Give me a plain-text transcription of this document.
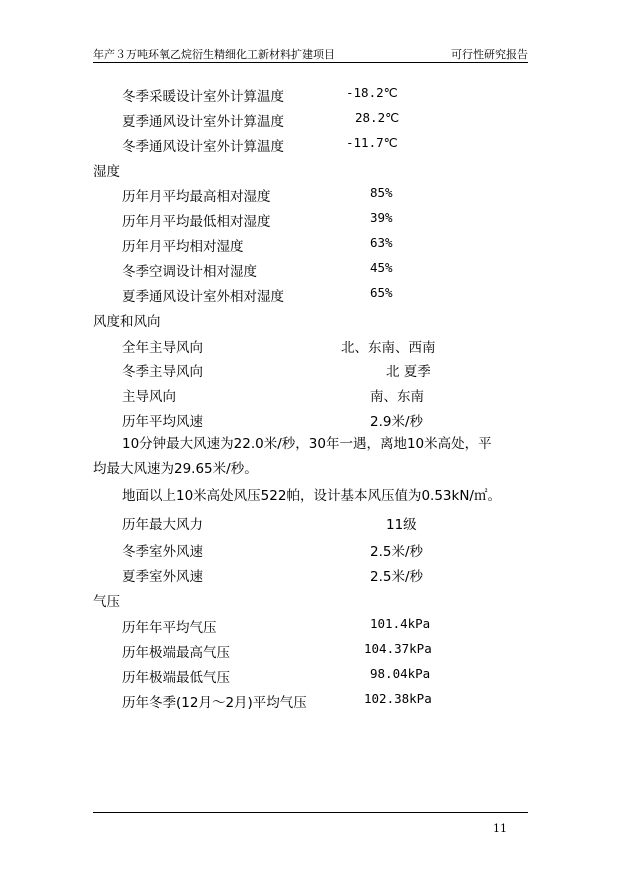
年产３万吨环氧乙烷衍生精细化工新材料扩建项目	可行性研究报告
冬季采暖设计室外计算温度	-18.2℃
夏季通风设计室外计算温度	28.2℃
冬季通风设计室外计算温度	-11.7℃
湿度
历年月平均最高相对湿度	85%
历年月平均最低相对湿度	39%
历年月平均相对湿度	63%
冬季空调设计相对湿度	45%
夏季通风设计室外相对湿度	65%
风度和风向
全年主导风向	北、东南、西南
冬季主导风向	北 夏季
主导风向	南、东南
历年平均风速	2.9米/秒
10分钟最大风速为22.0米/秒，30年一遇，离地10米高处，平
均最大风速为29.65米/秒。
地面以上10米高处风压522帕，设计基本风压值为0.53kN/㎡。
历年最大风力	11级
冬季室外风速	2.5米/秒
夏季室外风速	2.5米/秒
气压
历年年平均气压	101.4kPa
历年极端最高气压	104.37kPa
历年极端最低气压	98.04kPa
历年冬季(12月～2月)平均气压	102.38kPa
11
